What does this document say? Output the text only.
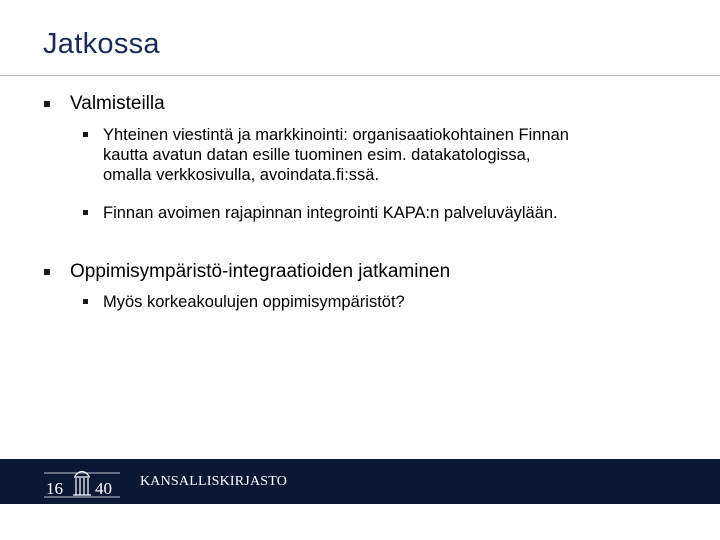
Jatkossa
Valmisteilla
Yhteinen viestintä ja markkinointi: organisaatiokohtainen Finnan
kautta avatun datan esille tuominen esim. datakatologissa,
omalla verkkosivulla, avoindata.fi:ssä.
Finnan avoimen rajapinnan integrointi KAPA:n palveluväylään.
Oppimisympäristö-integraatioiden jatkaminen
Myös korkeakoulujen oppimisympäristöt?
16 40 KANSALLISKIRJASTO
